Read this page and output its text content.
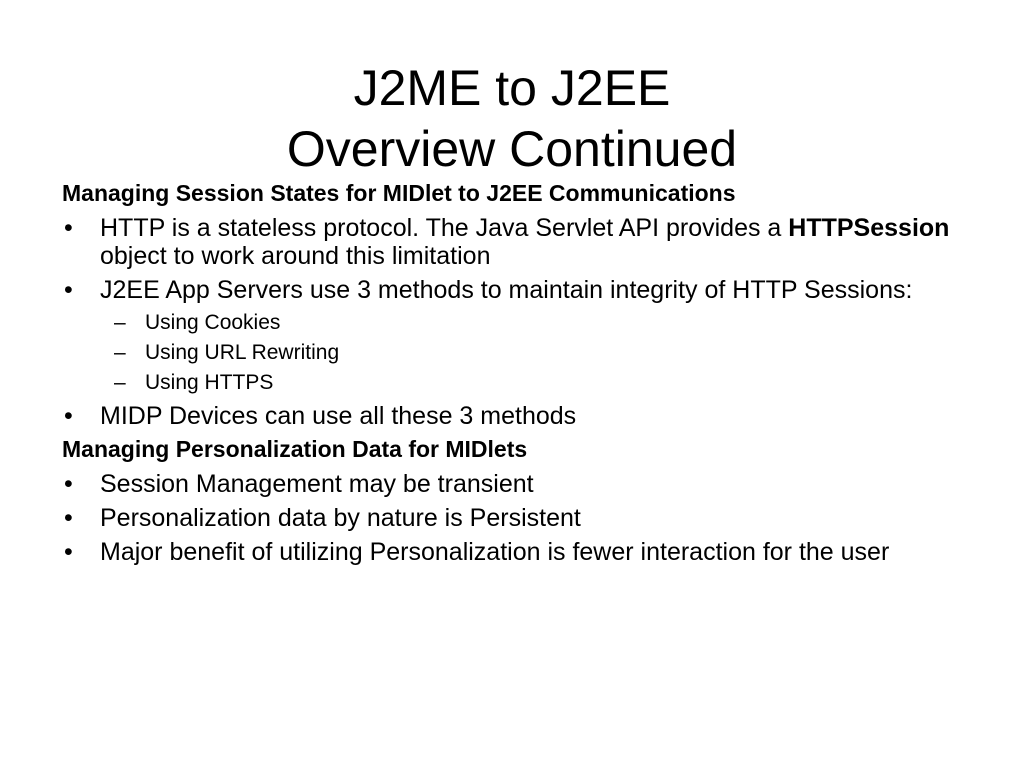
J2ME to J2EE
Overview Continued
Managing Session States for MIDlet to J2EE Communications
• HTTP is a stateless protocol. The Java Servlet API provides a HTTPSession object to work around this limitation
• J2EE App Servers use 3 methods to maintain integrity of HTTP Sessions:
– Using Cookies
– Using URL Rewriting
– Using HTTPS
• MIDP Devices can use all these 3 methods
Managing Personalization Data for MIDlets
• Session Management may be transient
• Personalization data by nature is Persistent
• Major benefit of utilizing Personalization is fewer interaction for the user
